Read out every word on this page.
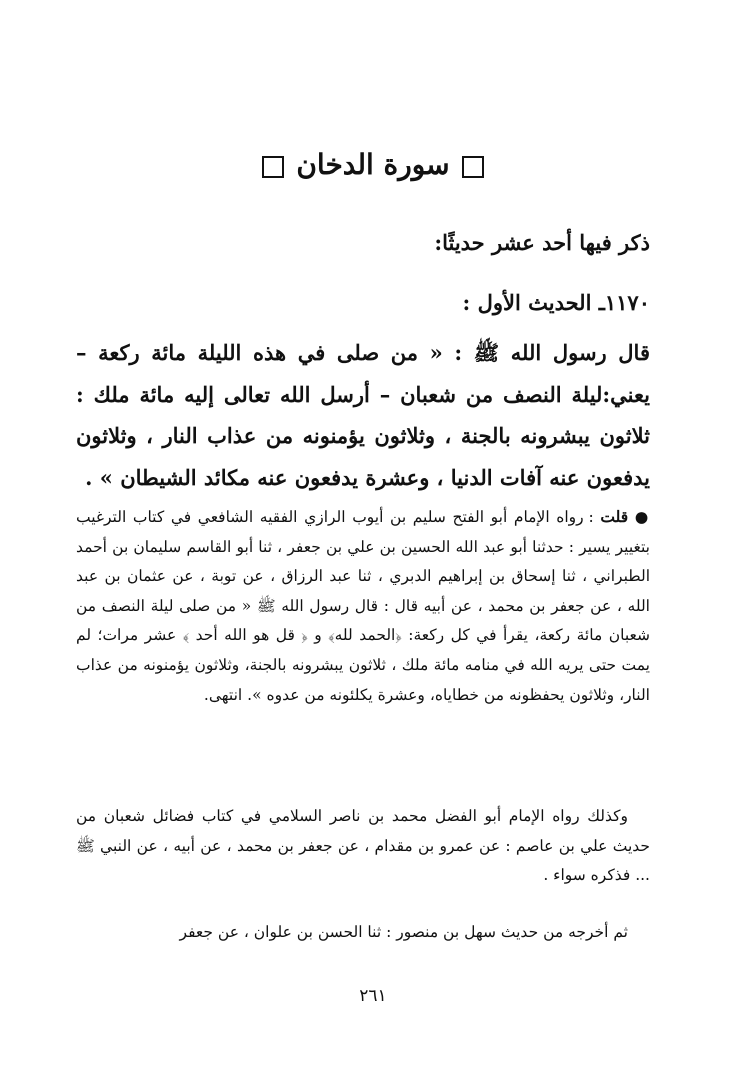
سورة الدخان
ذكر فيها أحد عشر حديثًا:
١١٧٠ـ الحديث الأول :
قال رسول الله ﷺ : « من صلى في هذه الليلة مائة ركعة – يعني:ليلة النصف من شعبان – أرسل الله تعالى إليه مائة ملك : ثلاثون يبشرونه بالجنة ، وثلاثون يؤمنونه من عذاب النار ، وثلاثون يدفعون عنه آفات الدنيا ، وعشرة يدفعون عنه مكائد الشيطان » .
● قلت : رواه الإمام أبو الفتح سليم بن أيوب الرازي الفقيه الشافعي في كتاب الترغيب بتغيير يسير : حدثنا أبو عبد الله الحسين بن علي بن جعفر ، ثنا أبو القاسم سليمان بن أحمد الطبراني ، ثنا إسحاق بن إبراهيم الدبري ، ثنا عبد الرزاق ، عن توبة ، عن عثمان بن عبد الله ، عن جعفر بن محمد ، عن أبيه قال : قال رسول الله ﷺ « من صلى ليلة النصف من شعبان مائة ركعة، يقرأ في كل ركعة: ﴿الحمد لله﴾ و ﴿ قل هو الله أحد ﴾ عشر مرات؛ لم يمت حتى يريه الله في منامه مائة ملك ، ثلاثون يبشرونه بالجنة، وثلاثون يؤمنونه من عذاب النار، وثلاثون يحفظونه من خطاياه، وعشرة يكلئونه من عدوه ». انتهى.
وكذلك رواه الإمام أبو الفضل محمد بن ناصر السلامي في كتاب فضائل شعبان من حديث علي بن عاصم : عن عمرو بن مقدام ، عن جعفر بن محمد ، عن أبيه ، عن النبي ﷺ ... فذكره سواء .
ثم أخرجه من حديث سهل بن منصور : ثنا الحسن بن علوان ، عن جعفر
٢٦١
